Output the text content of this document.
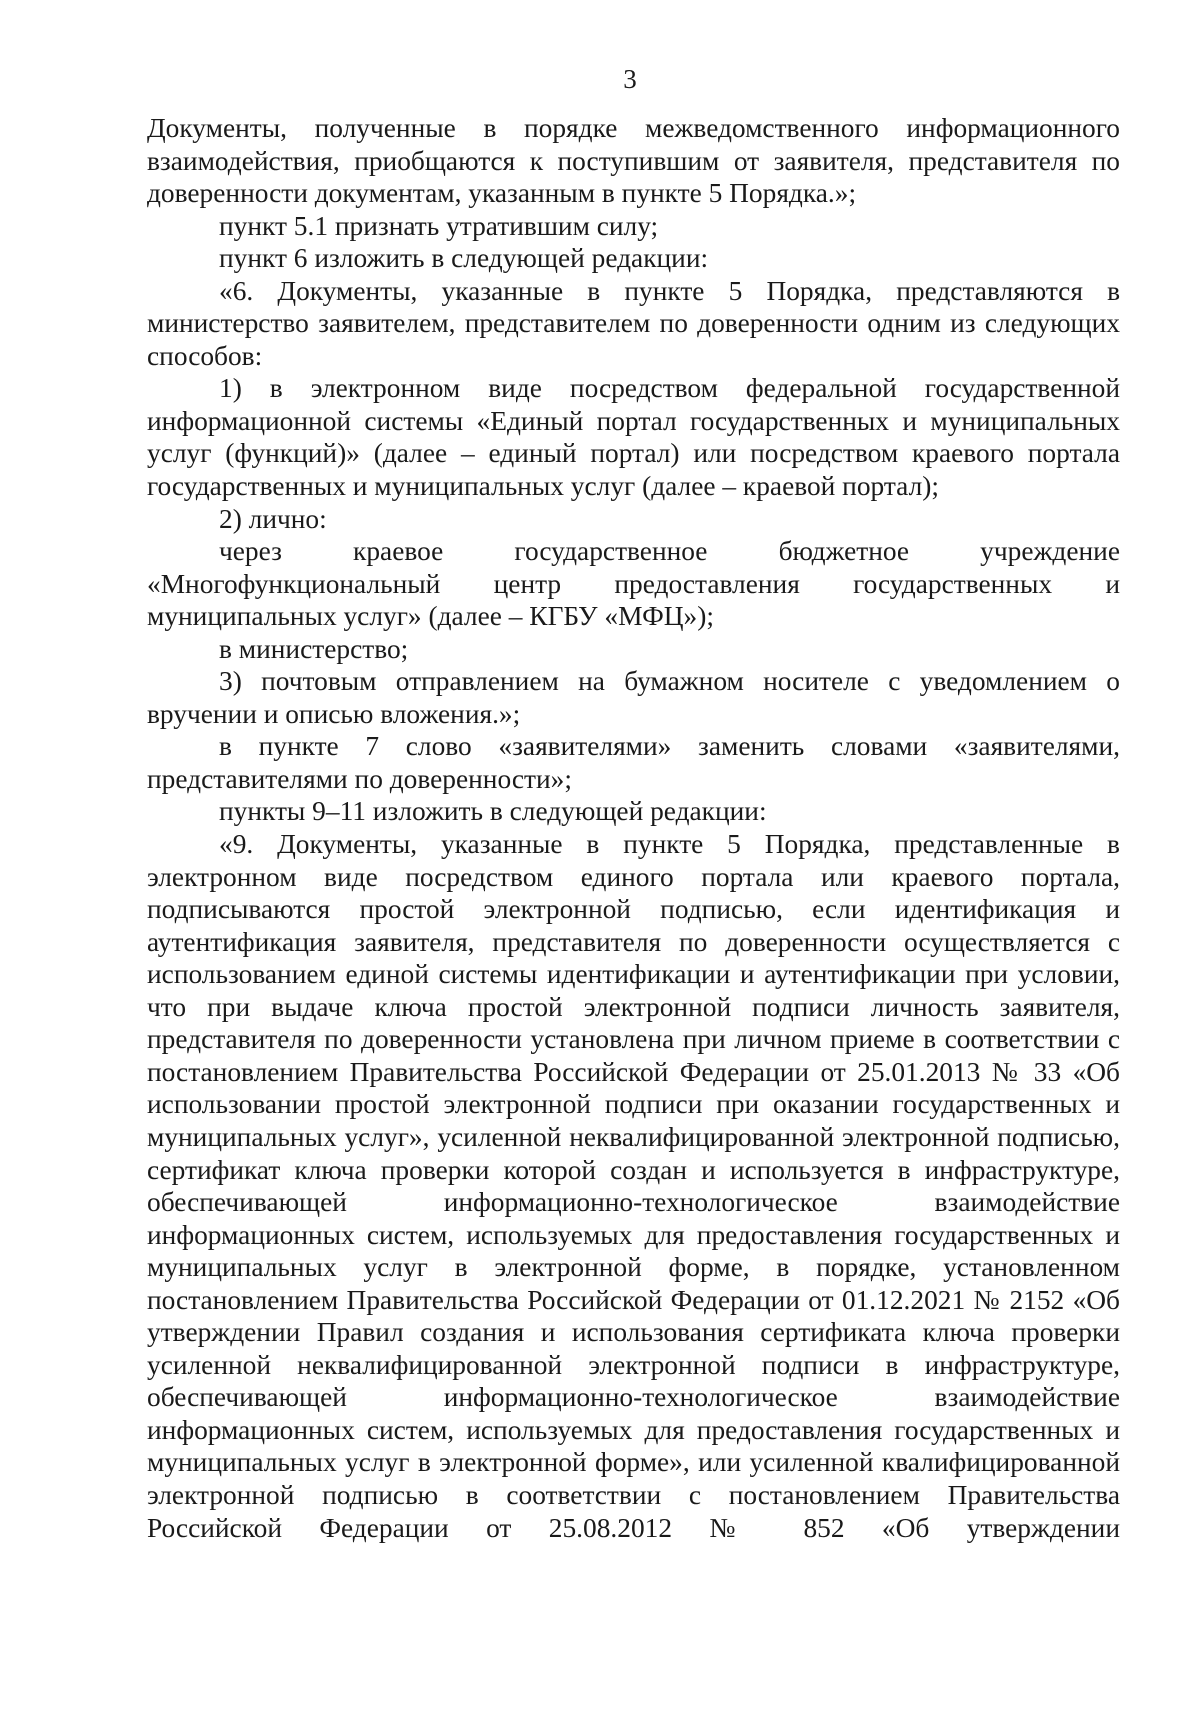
3

Документы, полученные в порядке межведомственного информационного взаимодействия, приобщаются к поступившим от заявителя, представителя по доверенности документам, указанным в пункте 5 Порядка.»;

пункт 5.1 признать утратившим силу;

пункт 6 изложить в следующей редакции:

«6. Документы, указанные в пункте 5 Порядка, представляются в министерство заявителем, представителем по доверенности одним из следующих способов:

1) в электронном виде посредством федеральной государственной информационной системы «Единый портал государственных и муниципальных услуг (функций)» (далее – единый портал) или посредством краевого портала государственных и муниципальных услуг (далее – краевой портал);

2) лично:

через краевое государственное бюджетное учреждение «Многофункциональный центр предоставления государственных и муниципальных услуг» (далее – КГБУ «МФЦ»);

в министерство;

3) почтовым отправлением на бумажном носителе с уведомлением о вручении и описью вложения.»;

в пункте 7 слово «заявителями» заменить словами «заявителями, представителями по доверенности»;

пункты 9–11 изложить в следующей редакции:

«9. Документы, указанные в пункте 5 Порядка, представленные в электронном виде посредством единого портала или краевого портала, подписываются простой электронной подписью, если идентификация и аутентификация заявителя, представителя по доверенности осуществляется с использованием единой системы идентификации и аутентификации при условии, что при выдаче ключа простой электронной подписи личность заявителя, представителя по доверенности установлена при личном приеме в соответствии с постановлением Правительства Российской Федерации от 25.01.2013 № 33 «Об использовании простой электронной подписи при оказании государственных и муниципальных услуг», усиленной неквалифицированной электронной подписью, сертификат ключа проверки которой создан и используется в инфраструктуре, обеспечивающей информационно-технологическое взаимодействие информационных систем, используемых для предоставления государственных и муниципальных услуг в электронной форме, в порядке, установленном постановлением Правительства Российской Федерации от 01.12.2021 № 2152 «Об утверждении Правил создания и использования сертификата ключа проверки усиленной неквалифицированной электронной подписи в инфраструктуре, обеспечивающей информационно-технологическое взаимодействие информационных систем, используемых для предоставления государственных и муниципальных услуг в электронной форме», или усиленной квалифицированной электронной подписью в соответствии с постановлением Правительства Российской Федерации от 25.08.2012 № 852 «Об утверждении
